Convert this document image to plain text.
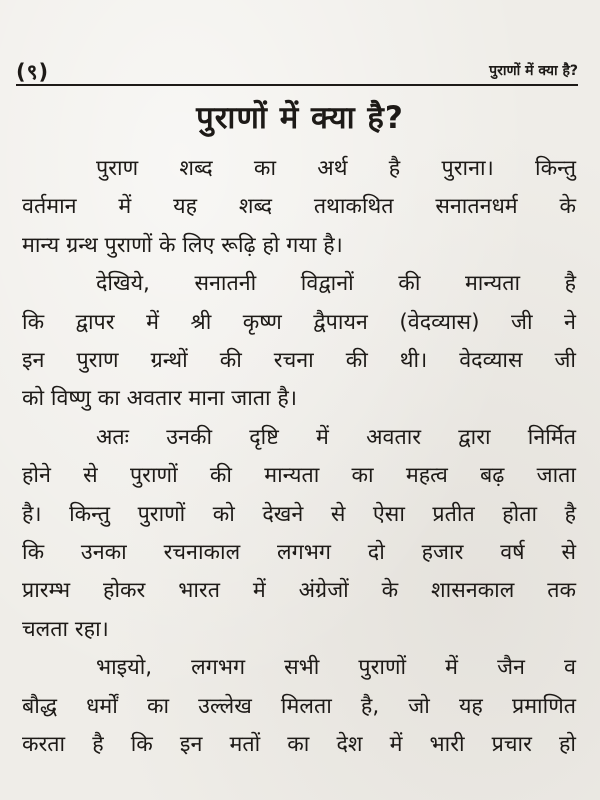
(९)	पुराणों में क्या है?
पुराणों में क्या है?
पुराण शब्द का अर्थ है पुराना। किन्तु
वर्तमान में यह शब्द तथाकथित सनातनधर्म के
मान्य ग्रन्थ पुराणों के लिए रूढ़ि हो गया है।
देखिये, सनातनी विद्वानों की मान्यता है
कि द्वापर में श्री कृष्ण द्वैपायन (वेदव्यास) जी ने
इन पुराण ग्रन्थों की रचना की थी। वेदव्यास जी
को विष्णु का अवतार माना जाता है।
अतः उनकी दृष्टि में अवतार द्वारा निर्मित
होने से पुराणों की मान्यता का महत्व बढ़ जाता
है। किन्तु पुराणों को देखने से ऐसा प्रतीत होता है
कि उनका रचनाकाल लगभग दो हजार वर्ष से
प्रारम्भ होकर भारत में अंग्रेजों के शासनकाल तक
चलता रहा।
भाइयो, लगभग सभी पुराणों में जैन व
बौद्ध धर्मों का उल्लेख मिलता है, जो यह प्रमाणित
करता है कि इन मतों का देश में भारी प्रचार हो
